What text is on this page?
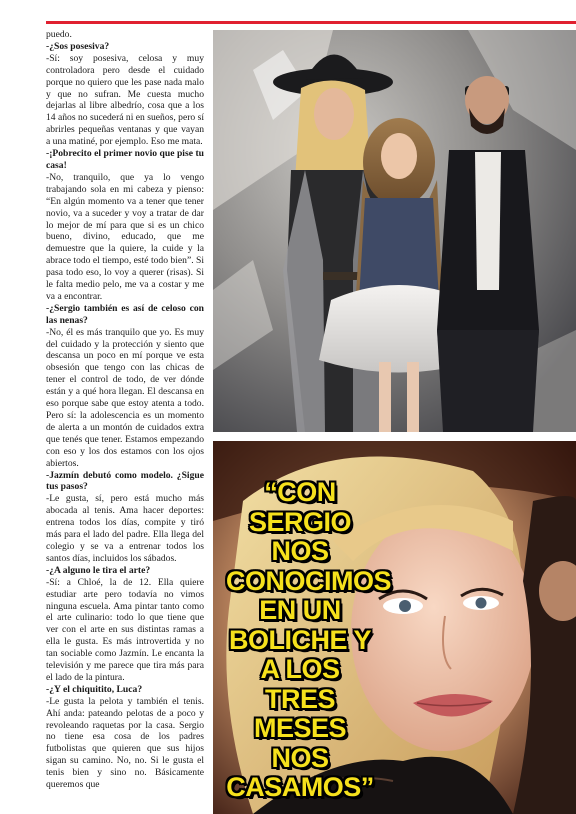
puedo.

-¿Sos posesiva?

-Sí: soy posesiva, celosa y muy controladora pero desde el cuidado porque no quiero que les pase nada malo y que no sufran. Me cuesta mucho dejarlas al libre albedrío, cosa que a los 14 años no sucederá ni en sueños, pero sí abrirles pequeñas ventanas y que vayan a una matiné, por ejemplo. Eso me mata.

-¡Pobrecito el primer novio que pise tu casa!

-No, tranquilo, que ya lo vengo trabajando sola en mi cabeza y pienso: “En algún momento va a tener que tener novio, va a suceder y voy a tratar de dar lo mejor de mí para que si es un chico bueno, divino, educado, que me demuestre que la quiere, la cuide y la abrace todo el tiempo, esté todo bien”. Si pasa todo eso, lo voy a querer (risas). Si le falta medio pelo, me va a costar y me va a encontrar.

-¿Sergio también es así de celoso con las nenas?

-No, él es más tranquilo que yo. Es muy del cuidado y la protección y siento que descansa un poco en mí porque ve esta obsesión que tengo con las chicas de tener el control de todo, de ver dónde están y a qué hora llegan. El descansa en eso porque sabe que estoy atenta a todo. Pero sí: la adolescencia es un momento de alerta a un montón de cuidados extra que tenés que tener. Estamos empezando con eso y los dos estamos con los ojos abiertos.

-Jazmín debutó como modelo. ¿Sigue tus pasos?

-Le gusta, sí, pero está mucho más abocada al tenis. Ama hacer deportes: entrena todos los días, compite y tiró más para el lado del padre. Ella llega del colegio y se va a entrenar todos los santos días, incluidos los sábados.

-¿A alguno le tira el arte?

-Sí: a Chloé, la de 12. Ella quiere estudiar arte pero todavía no vimos ninguna escuela. Ama pintar tanto como el arte culinario: todo lo que tiene que ver con el arte en sus distintas ramas a ella le gusta. Es más introvertida y no tan sociable como Jazmín. Le encanta la televisión y me parece que tira más para el lado de la pintura.

-¿Y el chiquitito, Luca?

-Le gusta la pelota y también el tenis. Ahí anda: pateando pelotas de a poco y revoleando raquetas por la casa. Sergio no tiene esa cosa de los padres futbolistas que quieren que sus hijos sigan su camino. No, no. Si le gusta el tenis bien y sino no. Básicamente queremos que

“CON SERGIO NOS CONOCIMOS EN UN BOLICHE Y A LOS TRES MESES NOS CASAMOS”
